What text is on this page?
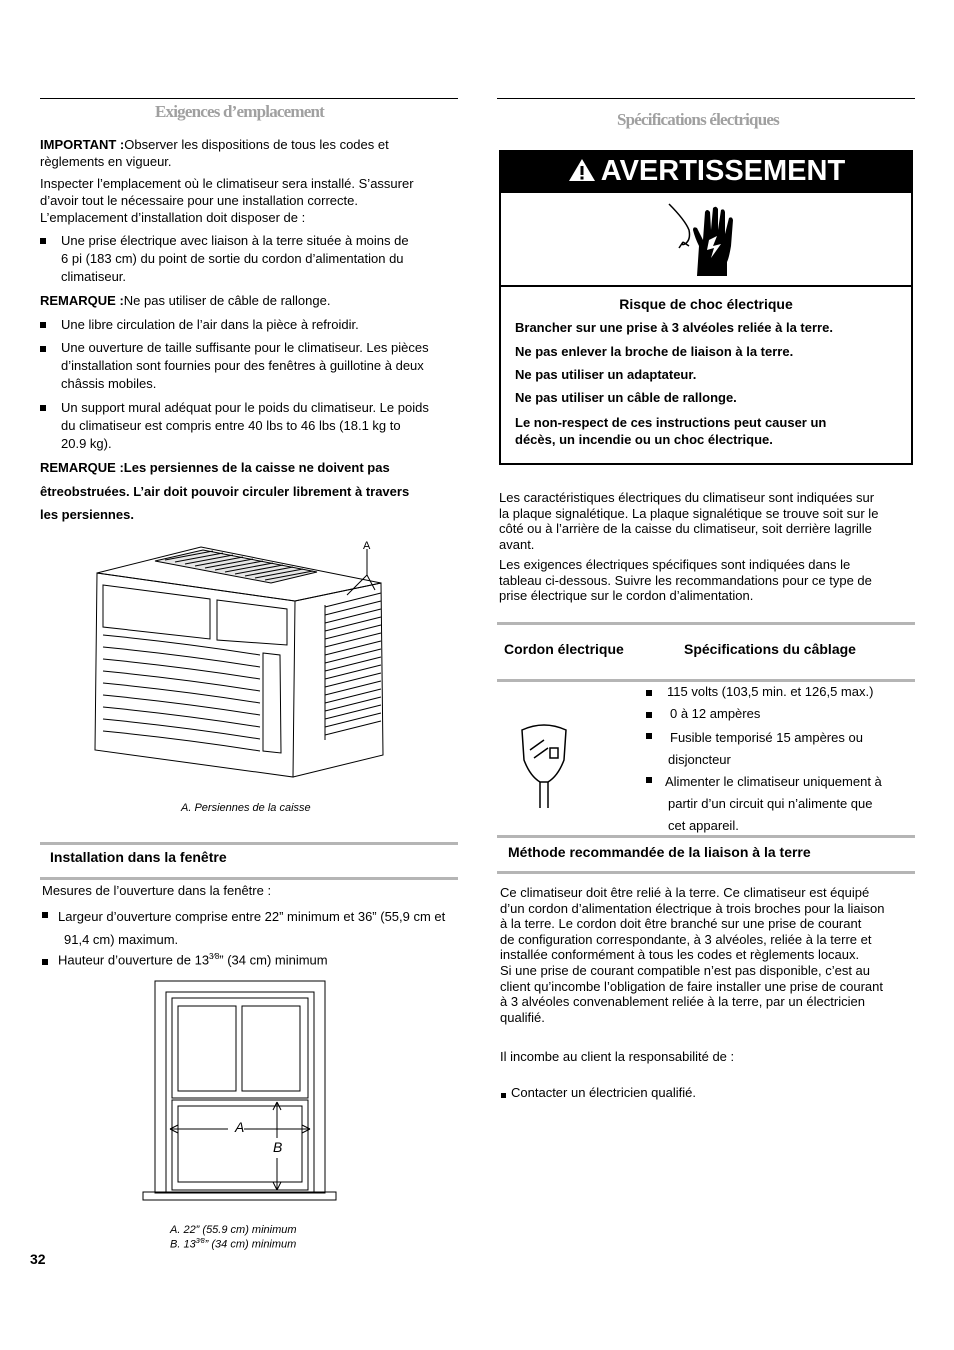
Exigences d’emplacement
IMPORTANT :Observer les dispositions de tous les codes et
règlements en vigueur.
Inspecter l’emplacement où le climatiseur sera installé. S’assurer
d’avoir tout le nécessaire pour une installation correcte.
L’emplacement d’installation doit disposer de :
Une prise électrique avec liaison à la terre située à moins de
6 pi (183 cm) du point de sortie du cordon d’alimentation du
climatiseur.
REMARQUE :Ne pas utiliser de câble de rallonge.
Une libre circulation de l’air dans la pièce à refroidir.
Une ouverture de taille suffisante pour le climatiseur. Les pièces
d’installation sont fournies pour des fenêtres à guillotine à deux
châssis mobiles.
Un support mural adéquat pour le poids du climatiseur. Le poids
du climatiseur est compris entre 40 lbs to 46 lbs (18.1 kg to
20.9 kg).
REMARQUE :Les persiennes de la caisse ne doivent pas
êtreobstruées. L’air doit pouvoir circuler librement à travers
les persiennes.
A
A. Persiennes de la caisse
Installation dans la fenêtre
Mesures de l’ouverture dans la fenêtre :
Largeur d’ouverture comprise entre 22” minimum et 36” (55,9 cm et
91,4 cm) maximum.
Hauteur d’ouverture de $13^{3⁄8}$” (34 cm) minimum
A
B
A. 22” (55.9 cm) minimum
B. $13^{3⁄8}$” (34 cm) minimum
32
Spécifications électriques
AVERTISSEMENT
Risque de choc électrique
Brancher sur une prise à 3 alvéoles reliée à la terre.
Ne pas enlever la broche de liaison à la terre.
Ne pas utiliser un adaptateur.
Ne pas utiliser un câble de rallonge.
Le non-respect de ces instructions peut causer un
décès, un incendie ou un choc électrique.
Les caractéristiques électriques du climatiseur sont indiquées sur
la plaque signalétique. La plaque signalétique se trouve soit sur le
côté ou à l’arrière de la caisse du climatiseur, soit derrière lagrille
avant.
Les exigences électriques spécifiques sont indiquées dans le
tableau ci-dessous. Suivre les recommandations pour ce type de
prise électrique sur le cordon d’alimentation.
Cordon électrique	Spécifications du câblage
115 volts (103,5 min. et 126,5 max.)
0 à 12 ampères
Fusible temporisé 15 ampères ou
disjoncteur
Alimenter le climatiseur uniquement à
partir d’un circuit qui n’alimente que
cet appareil.
Méthode recommandée de la liaison à la terre
Ce climatiseur doit être relié à la terre. Ce climatiseur est équipé
d’un cordon d’alimentation électrique à trois broches pour la liaison
à la terre. Le cordon doit être branché sur une prise de courant
de configuration correspondante, à 3 alvéoles, reliée à la terre et
installée conformément à tous les codes et règlements locaux.
Si une prise de courant compatible n’est pas disponible, c’est au
client qu’incombe l’obligation de faire installer une prise de courant
à 3 alvéoles convenablement reliée à la terre, par un électricien
qualifié.
Il incombe au client la responsabilité de :
Contacter un électricien qualifié.
